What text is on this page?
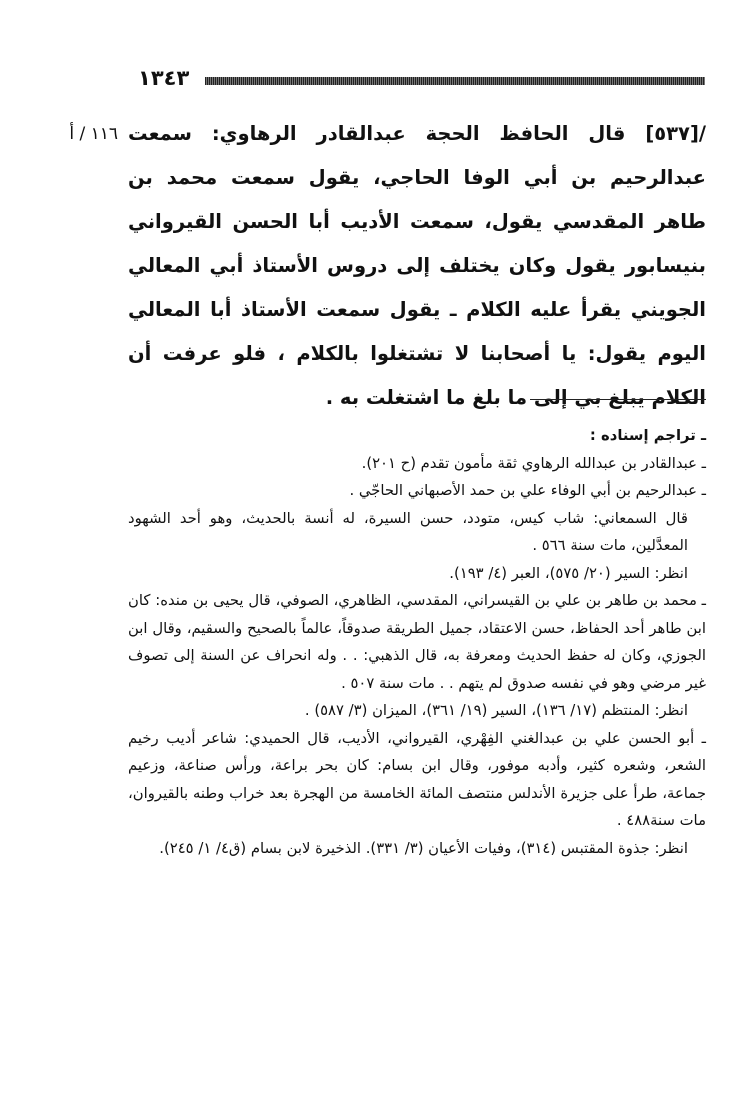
١٣٤٣
١١٦ / أ /[٥٣٧] قال الحافظ الحجة عبدالقادر الرهاوي: سمعت عبدالرحيم بن أبي الوفا الحاجي، يقول سمعت محمد بن طاهر المقدسي يقول، سمعت الأديب أبا الحسن القيرواني بنيسابور يقول وكان يختلف إلى دروس الأستاذ أبي المعالي الجويني يقرأ عليه الكلام ـ يقول سمعت الأستاذ أبا المعالي اليوم يقول: يا أصحابنا لا تشتغلوا بالكلام ، فلو عرفت أن الكلام يبلغ بي إلى ما بلغ ما اشتغلت به .
ـ تراجم إسناده :

ـ عبدالقادر بن عبدالله الرهاوي ثقة مأمون تقدم (ح ٢٠١).

ـ عبدالرحيم بن أبي الوفاء علي بن حمد الأصبهاني الحاجّي .

قال السمعاني: شاب كيس، متودد، حسن السيرة، له أنسة بالحديث، وهو أحد الشهود المعدَّلين، مات سنة ٥٦٦ .

انظر: السير (٢٠/ ٥٧٥)، العبر (٤/ ١٩٣).

ـ محمد بن طاهر بن علي بن القيسراني، المقدسي، الظاهري، الصوفي، قال يحيى بن منده: كان ابن طاهر أحد الحفاظ، حسن الاعتقاد، جميل الطريقة صدوقاً، عالماً بالصحيح والسقيم، وقال ابن الجوزي، وكان له حفظ الحديث ومعرفة به، قال الذهبي: . . وله انحراف عن السنة إلى تصوف غير مرضي وهو في نفسه صدوق لم يتهم . . مات سنة ٥٠٧ .

انظر: المنتظم (١٧/ ١٣٦)، السير (١٩/ ٣٦١)، الميزان (٣/ ٥٨٧) .

ـ أبو الحسن علي بن عبدالغني الفِهْري، القيرواني، الأديب، قال الحميدي: شاعر أديب رخيم الشعر، وشعره كثير، وأدبه موفور، وقال ابن بسام: كان بحر براعة، ورأس صناعة، وزعيم جماعة، طرأ على جزيرة الأندلس منتصف المائة الخامسة من الهجرة بعد خراب وطنه بالقيروان، مات سنة٤٨٨ .

انظر: جذوة المقتبس (٣١٤)، وفيات الأعيان (٣/ ٣٣١). الذخيرة لابن بسام (ق٤/ ١/ ٢٤٥).
